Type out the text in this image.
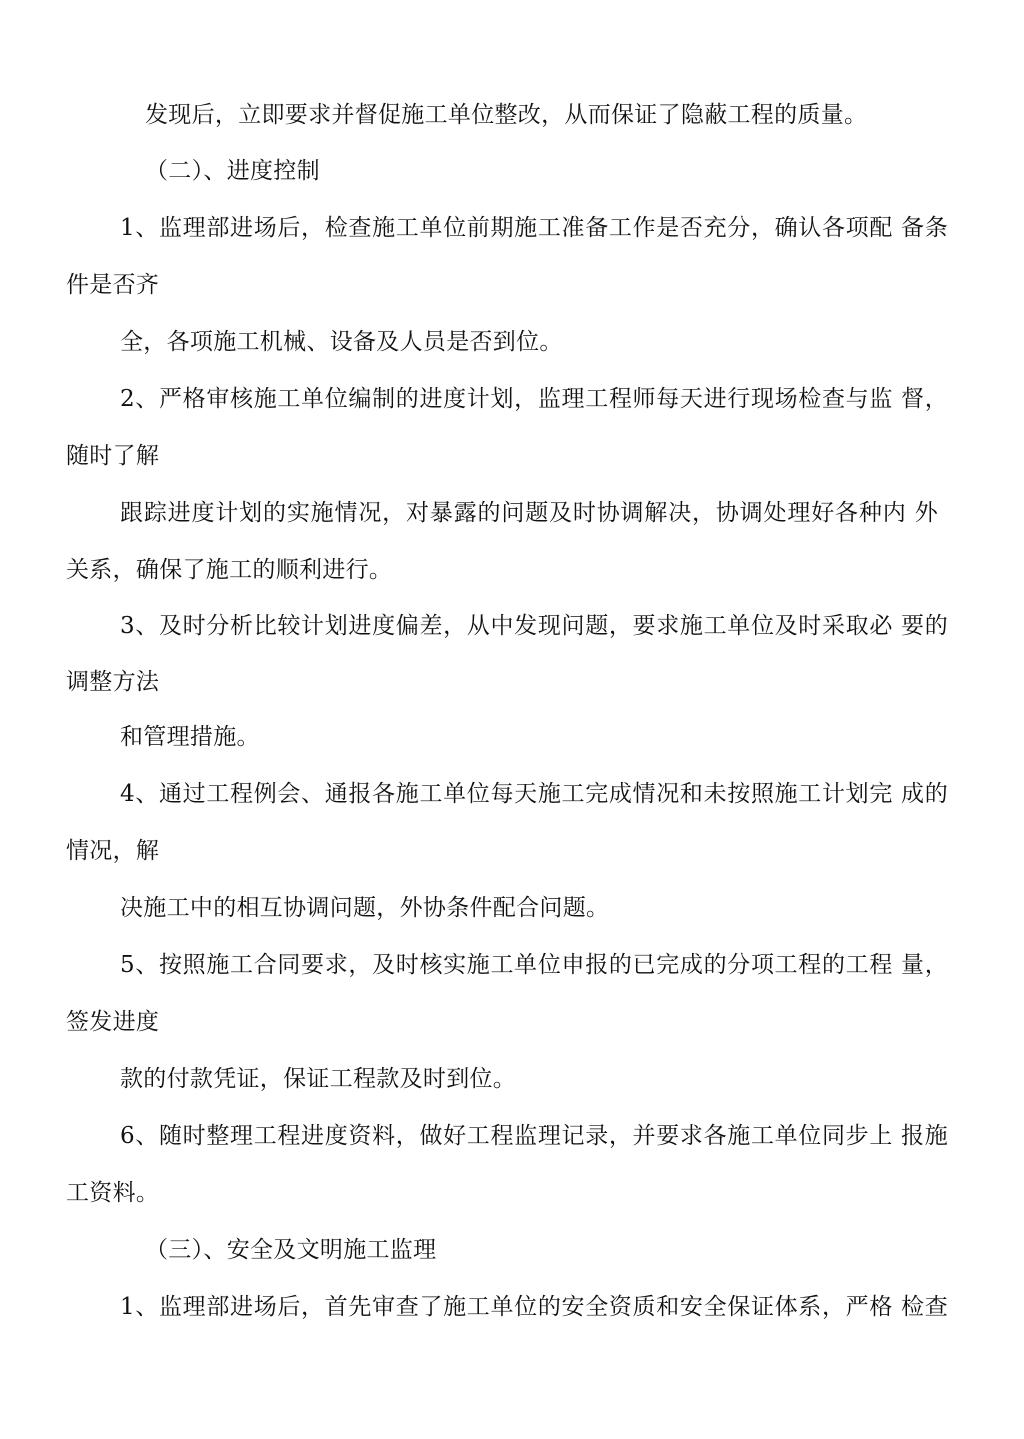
发现后，立即要求并督促施工单位整改，从而保证了隐蔽工程的质量。
（二）、进度控制
1、监理部进场后，检查施工单位前期施工准备工作是否充分，确认各项配 备条
件是否齐
全，各项施工机械、设备及人员是否到位。
2、严格审核施工单位编制的进度计划，监理工程师每天进行现场检查与监 督，
随时了解
跟踪进度计划的实施情况，对暴露的问题及时协调解决，协调处理好各种内 外
关系，确保了施工的顺利进行。
3、及时分析比较计划进度偏差，从中发现问题，要求施工单位及时采取必 要的
调整方法
和管理措施。
4、通过工程例会、通报各施工单位每天施工完成情况和未按照施工计划完 成的
情况，解
决施工中的相互协调问题，外协条件配合问题。
5、按照施工合同要求，及时核实施工单位申报的已完成的分项工程的工程 量，
签发进度
款的付款凭证，保证工程款及时到位。
6、随时整理工程进度资料，做好工程监理记录，并要求各施工单位同步上 报施
工资料。
（三）、安全及文明施工监理
1、监理部进场后，首先审查了施工单位的安全资质和安全保证体系，严格 检查
